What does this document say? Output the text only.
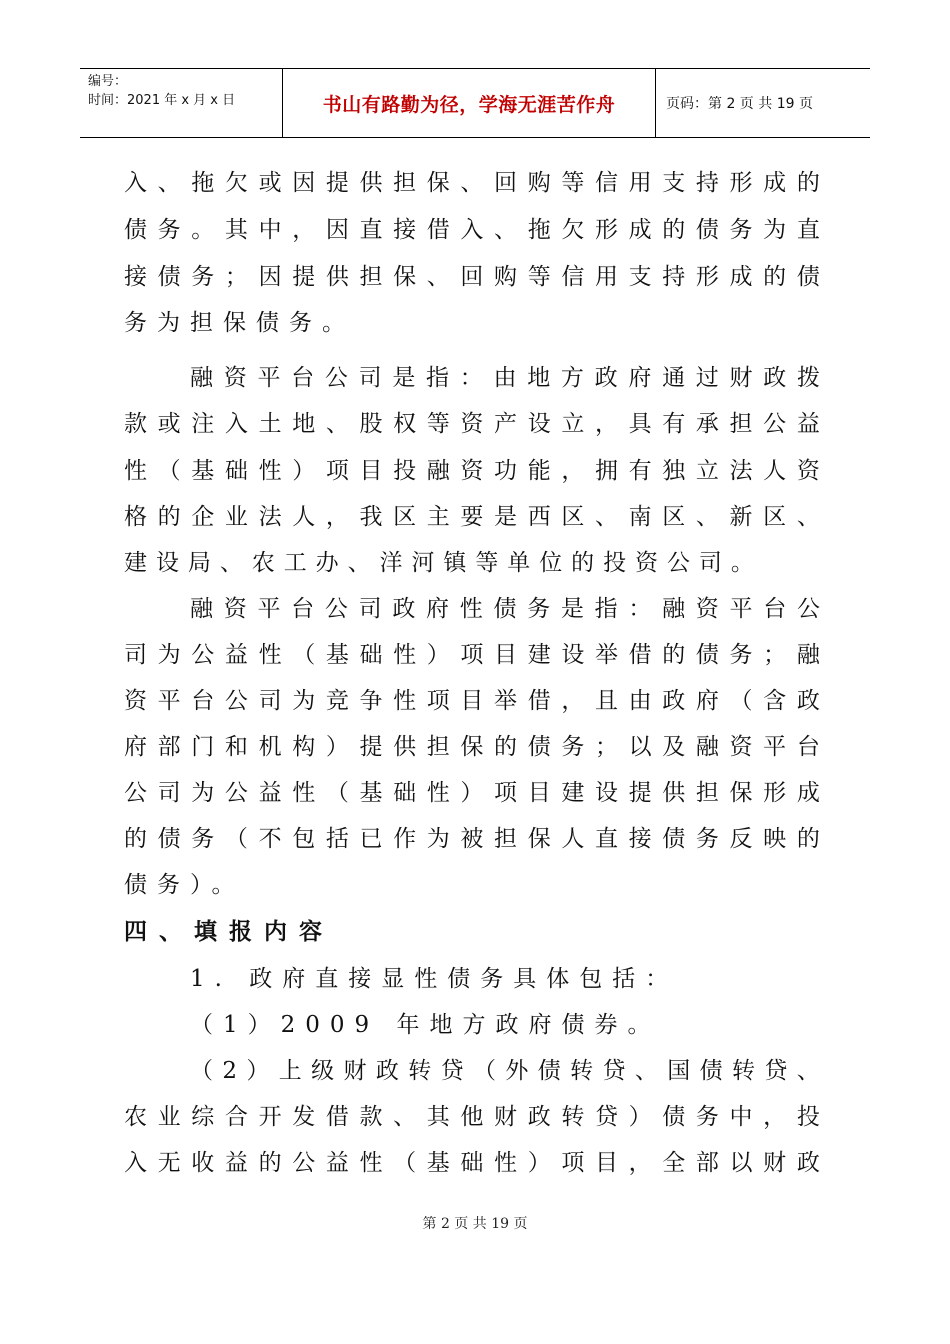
编号：
时间：2021 年 x 月 x 日	书山有路勤为径，学海无涯苦作舟	页码：第 2 页 共 19 页
入 、 拖 欠 或 因 提 供 担 保 、 回 购 等 信 用 支 持 形 成 的
债 务 。 其 中 ， 因 直 接 借 入 、 拖 欠 形 成 的 债 务 为 直
接 债 务 ； 因 提 供 担 保 、 回 购 等 信 用 支 持 形 成 的 债
务为担保债务。
融 资 平 台 公 司 是 指 ： 由 地 方 政 府 通 过 财 政 拨
款 或 注 入 土 地 、 股 权 等 资 产 设 立 ， 具 有 承 担 公 益
性 （ 基 础 性 ） 项 目 投 融 资 功 能 ， 拥 有 独 立 法 人 资
格 的 企 业 法 人 ， 我 区 主 要 是 西 区 、 南 区 、 新 区 、
建 设 局 、 农 工 办 、 洋 河 镇 等 单 位 的 投 资 公 司 。
融 资 平 台 公 司 政 府 性 债 务 是 指 ： 融 资 平 台 公
司 为 公 益 性 （ 基 础 性 ） 项 目 建 设 举 借 的 债 务 ； 融
资 平 台 公 司 为 竞 争 性 项 目 举 借 ， 且 由 政 府 （ 含 政
府 部 门 和 机 构 ） 提 供 担 保 的 债 务 ； 以 及 融 资 平 台
公 司 为 公 益 性 （ 基 础 性 ） 项 目 建 设 提 供 担 保 形 成
的 债 务 （ 不 包 括 已 作 为 被 担 保 人 直 接 债 务 反 映 的
债务）。
四、填报内容
1. 政府直接显性债务具体包括：
（1）2009 年地方政府债券。
（ 2 ） 上 级 财 政 转 贷 （ 外 债 转 贷 、 国 债 转 贷 、
农 业 综 合 开 发 借 款 、 其 他 财 政 转 贷 ） 债 务 中 ， 投
入 无 收 益 的 公 益 性 （ 基 础 性 ） 项 目 ， 全 部 以 财 政
第 2 页 共 19 页
